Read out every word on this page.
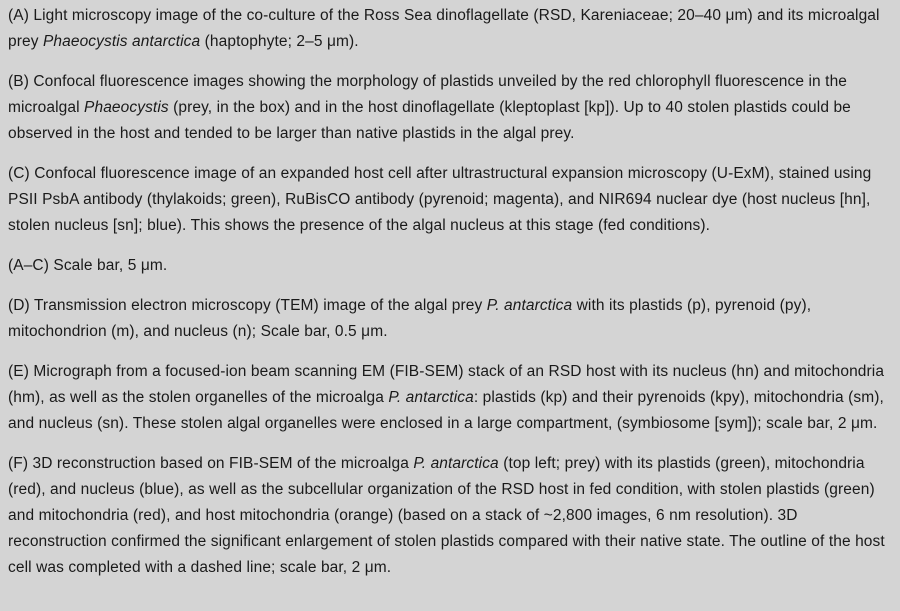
(A) Light microscopy image of the co-culture of the Ross Sea dinoflagellate (RSD, Kareniaceae; 20–40 μm) and its microalgal prey Phaeocystis antarctica (haptophyte; 2–5 μm).

(B) Confocal fluorescence images showing the morphology of plastids unveiled by the red chlorophyll fluorescence in the microalgal Phaeocystis (prey, in the box) and in the host dinoflagellate (kleptoplast [kp]). Up to 40 stolen plastids could be observed in the host and tended to be larger than native plastids in the algal prey.

(C) Confocal fluorescence image of an expanded host cell after ultrastructural expansion microscopy (U-ExM), stained using PSII PsbA antibody (thylakoids; green), RuBisCO antibody (pyrenoid; magenta), and NIR694 nuclear dye (host nucleus [hn], stolen nucleus [sn]; blue). This shows the presence of the algal nucleus at this stage (fed conditions).

(A–C) Scale bar, 5 μm.

(D) Transmission electron microscopy (TEM) image of the algal prey P. antarctica with its plastids (p), pyrenoid (py), mitochondrion (m), and nucleus (n); Scale bar, 0.5 μm.

(E) Micrograph from a focused-ion beam scanning EM (FIB-SEM) stack of an RSD host with its nucleus (hn) and mitochondria (hm), as well as the stolen organelles of the microalga P. antarctica: plastids (kp) and their pyrenoids (kpy), mitochondria (sm), and nucleus (sn). These stolen algal organelles were enclosed in a large compartment, (symbiosome [sym]); scale bar, 2 μm.

(F) 3D reconstruction based on FIB-SEM of the microalga P. antarctica (top left; prey) with its plastids (green), mitochondria (red), and nucleus (blue), as well as the subcellular organization of the RSD host in fed condition, with stolen plastids (green) and mitochondria (red), and host mitochondria (orange) (based on a stack of ~2,800 images, 6 nm resolution). 3D reconstruction confirmed the significant enlargement of stolen plastids compared with their native state. The outline of the host cell was completed with a dashed line; scale bar, 2 μm.
